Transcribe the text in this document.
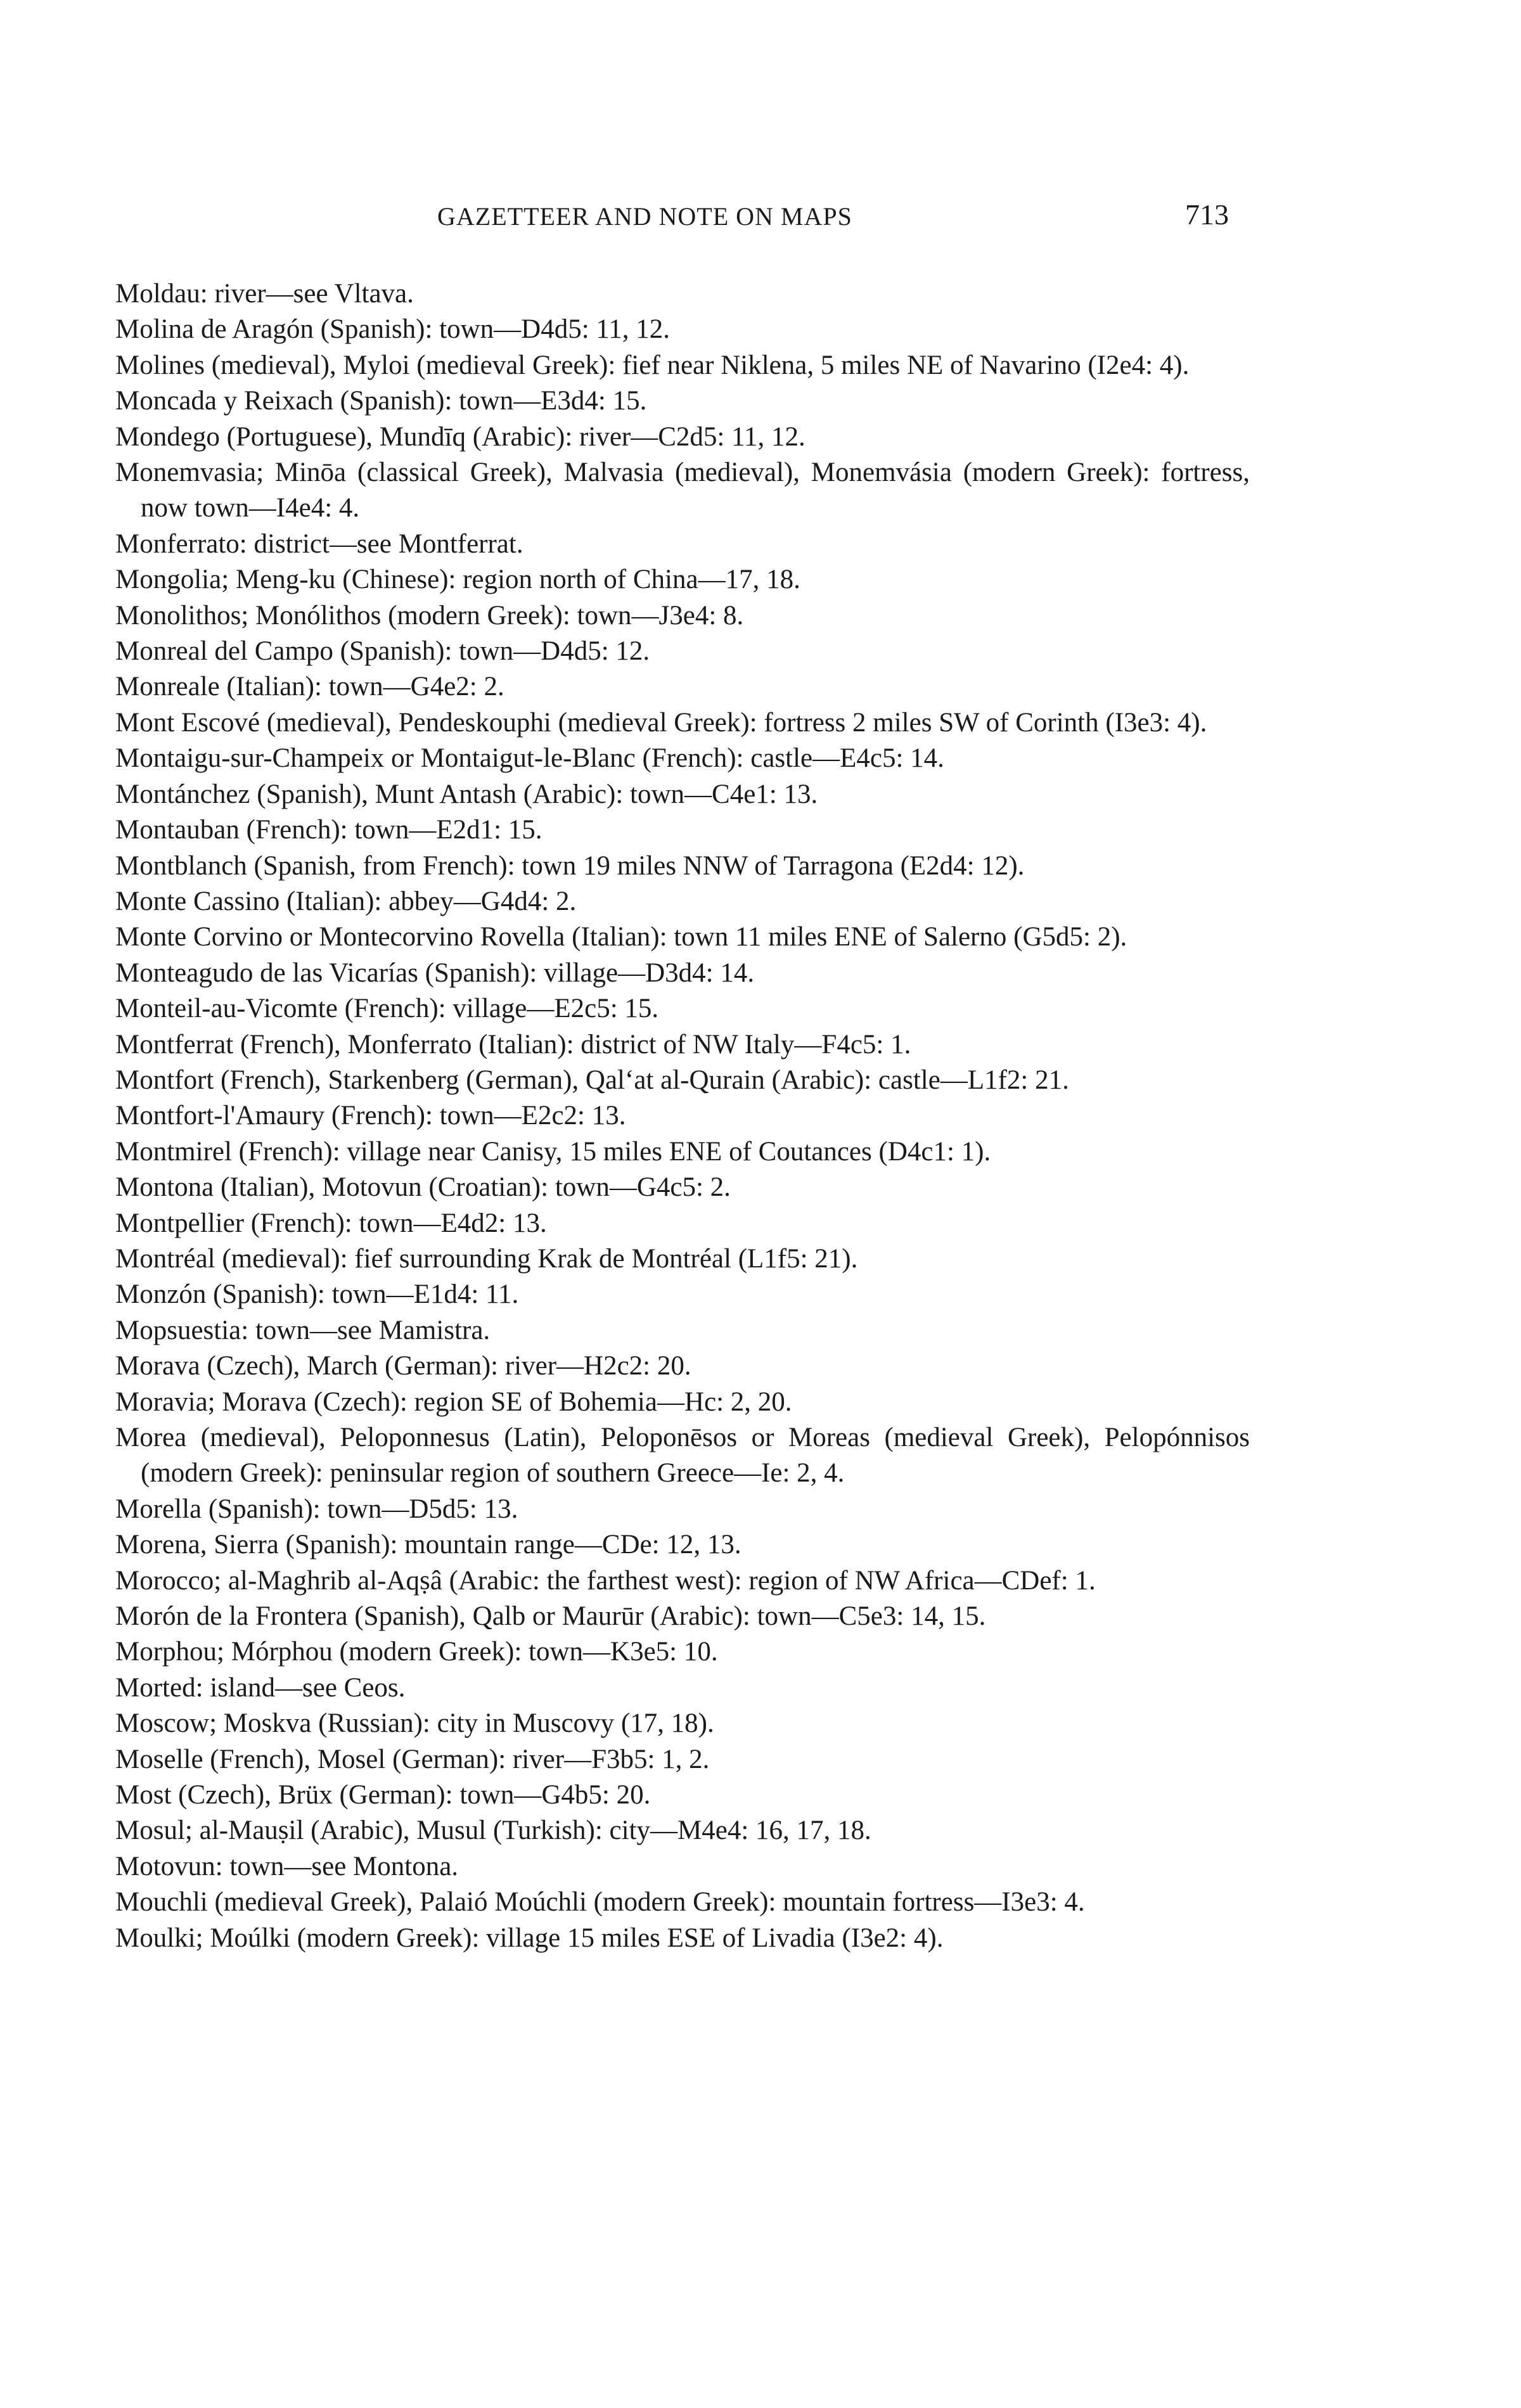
GAZETTEER AND NOTE ON MAPS	713
Moldau: river—see Vltava.
Molina de Aragón (Spanish): town—D4d5: 11, 12.
Molines (medieval), Myloi (medieval Greek): fief near Niklena, 5 miles NE of Navarino (I2e4: 4).
Moncada y Reixach (Spanish): town—E3d4: 15.
Mondego (Portuguese), Mundīq (Arabic): river—C2d5: 11, 12.
Monemvasia; Minōa (classical Greek), Malvasia (medieval), Monemvásia (modern Greek): fortress, now town—I4e4: 4.
Monferrato: district—see Montferrat.
Mongolia; Meng-ku (Chinese): region north of China—17, 18.
Monolithos; Monólithos (modern Greek): town—J3e4: 8.
Monreal del Campo (Spanish): town—D4d5: 12.
Monreale (Italian): town—G4e2: 2.
Mont Escové (medieval), Pendeskouphi (medieval Greek): fortress 2 miles SW of Corinth (I3e3: 4).
Montaigu-sur-Champeix or Montaigut-le-Blanc (French): castle—E4c5: 14.
Montánchez (Spanish), Munt Antash (Arabic): town—C4e1: 13.
Montauban (French): town—E2d1: 15.
Montblanch (Spanish, from French): town 19 miles NNW of Tarragona (E2d4: 12).
Monte Cassino (Italian): abbey—G4d4: 2.
Monte Corvino or Montecorvino Rovella (Italian): town 11 miles ENE of Salerno (G5d5: 2).
Monteagudo de las Vicarías (Spanish): village—D3d4: 14.
Monteil-au-Vicomte (French): village—E2c5: 15.
Montferrat (French), Monferrato (Italian): district of NW Italy—F4c5: 1.
Montfort (French), Starkenberg (German), Qalʻat al-Qurain (Arabic): castle—L1f2: 21.
Montfort-l'Amaury (French): town—E2c2: 13.
Montmirel (French): village near Canisy, 15 miles ENE of Coutances (D4c1: 1).
Montona (Italian), Motovun (Croatian): town—G4c5: 2.
Montpellier (French): town—E4d2: 13.
Montréal (medieval): fief surrounding Krak de Montréal (L1f5: 21).
Monzón (Spanish): town—E1d4: 11.
Mopsuestia: town—see Mamistra.
Morava (Czech), March (German): river—H2c2: 20.
Moravia; Morava (Czech): region SE of Bohemia—Hc: 2, 20.
Morea (medieval), Peloponnesus (Latin), Peloponēsos or Moreas (medieval Greek), Pelopónnisos (modern Greek): peninsular region of southern Greece—Ie: 2, 4.
Morella (Spanish): town—D5d5: 13.
Morena, Sierra (Spanish): mountain range—CDe: 12, 13.
Morocco; al-Maghrib al-Aqṣâ (Arabic: the farthest west): region of NW Africa—CDef: 1.
Morón de la Frontera (Spanish), Qalb or Maurūr (Arabic): town—C5e3: 14, 15.
Morphou; Mórphou (modern Greek): town—K3e5: 10.
Morted: island—see Ceos.
Moscow; Moskva (Russian): city in Muscovy (17, 18).
Moselle (French), Mosel (German): river—F3b5: 1, 2.
Most (Czech), Brüx (German): town—G4b5: 20.
Mosul; al-Mauṣil (Arabic), Musul (Turkish): city—M4e4: 16, 17, 18.
Motovun: town—see Montona.
Mouchli (medieval Greek), Palaió Moúchli (modern Greek): mountain fortress—I3e3: 4.
Moulki; Moúlki (modern Greek): village 15 miles ESE of Livadia (I3e2: 4).
